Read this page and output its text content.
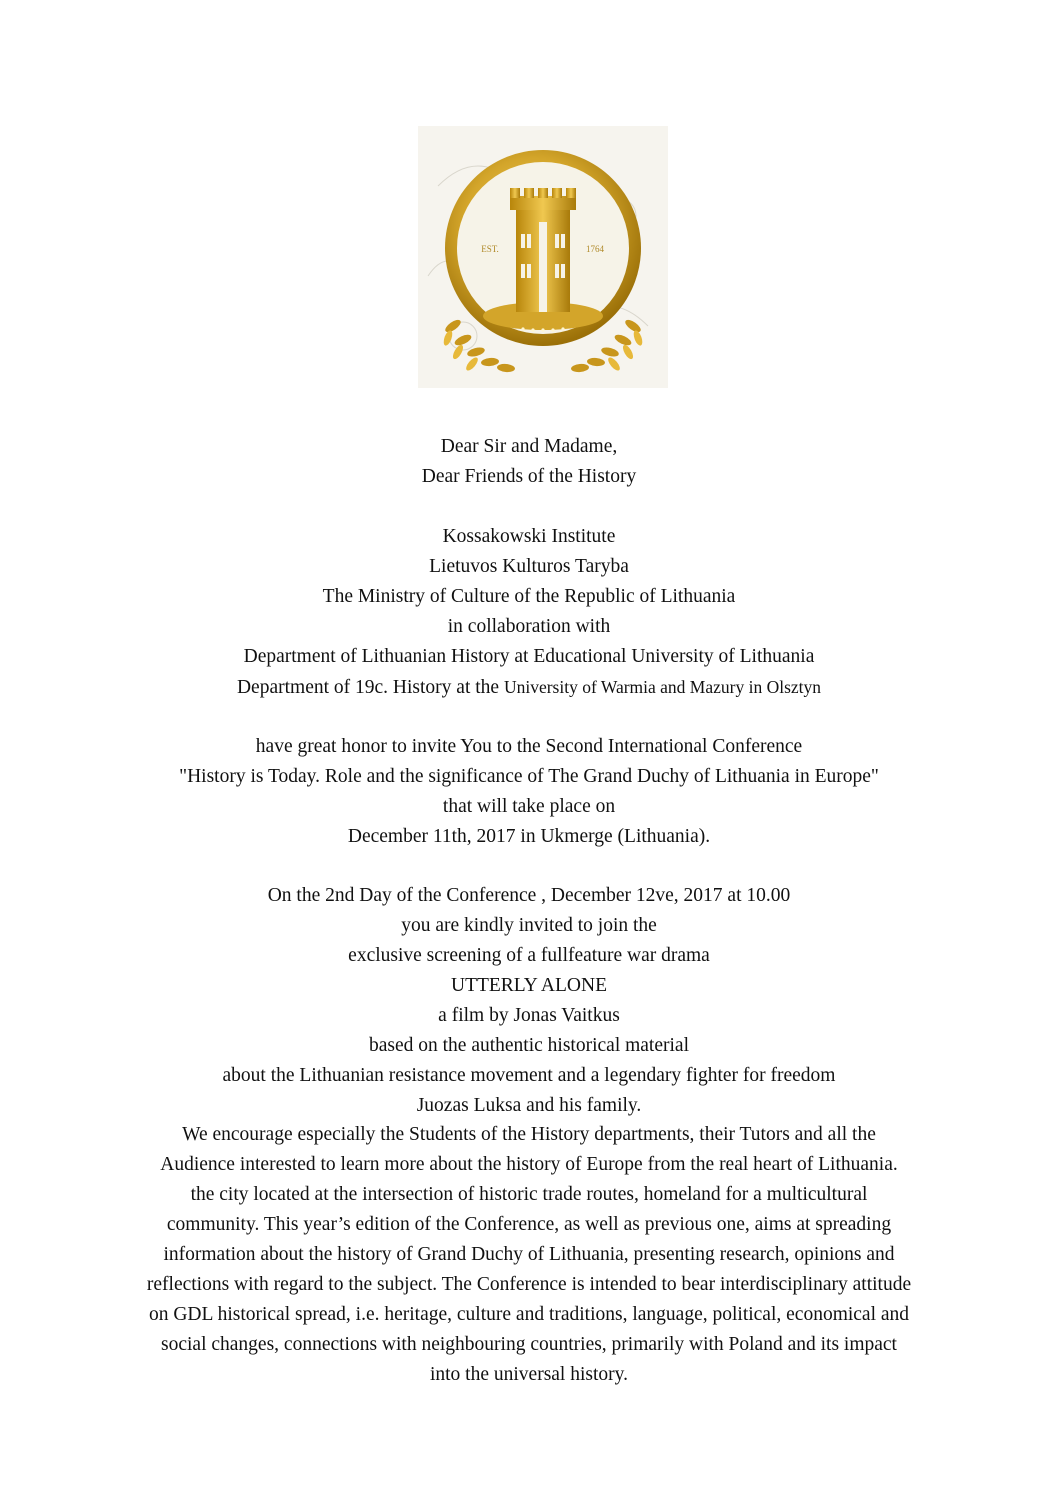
EST.	1764
Dear Sir and Madame,
Dear Friends of the History
Kossakowski Institute
Lietuvos Kulturos Taryba
The Ministry of Culture of the Republic of Lithuania
in collaboration with
Department of Lithuanian History at Educational University of Lithuania
Department of 19c. History at the University of Warmia and Mazury in Olsztyn
have great honor to invite You to the Second International Conference
"History is Today. Role and the significance of The Grand Duchy of Lithuania in Europe"
that will take place on
December 11th, 2017 in Ukmerge (Lithuania).
On the 2nd Day of the Conference , December 12ve, 2017 at 10.00
you are kindly invited to join the
exclusive screening of a fullfeature war drama
UTTERLY ALONE
a film by Jonas Vaitkus
based on the authentic historical material
about the Lithuanian resistance movement and a legendary fighter for freedom
Juozas Luksa and his family.
We encourage especially the Students of the History departments, their Tutors and all the
Audience interested to learn more about the history of Europe from the real heart of Lithuania.
the city located at the intersection of historic trade routes, homeland for a multicultural
community. This year’s edition of the Conference, as well as previous one, aims at spreading
information about the history of Grand Duchy of Lithuania, presenting research, opinions and
reflections with regard to the subject. The Conference is intended to bear interdisciplinary attitude
on GDL historical spread, i.e. heritage, culture and traditions, language, political, economical and
social changes, connections with neighbouring countries, primarily with Poland and its impact
into the universal history.
